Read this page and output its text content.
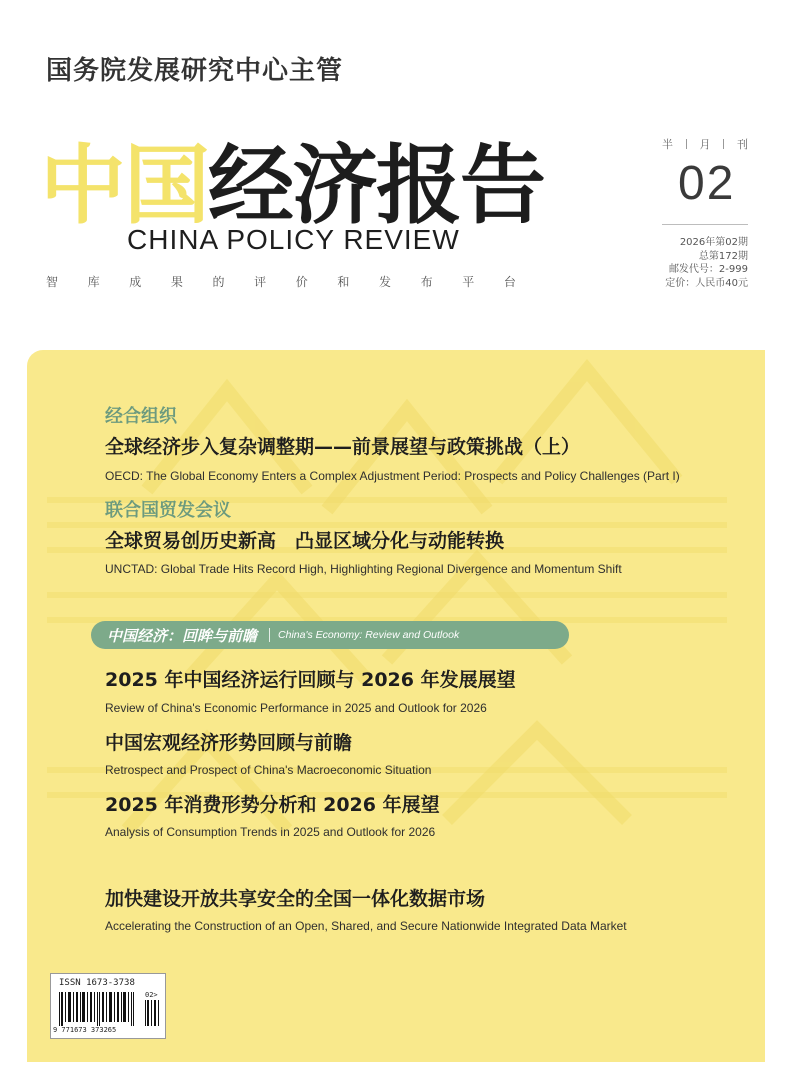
国务院发展研究中心主管
中国经济报告
CHINA POLICY REVIEW
智 库 成 果 的 评 价 和 发 布 平 台
半 月 刊
02
2026年第02期
总第172期
邮发代号：2-999
定价：人民币40元
经合组织
全球经济步入复杂调整期——前景展望与政策挑战（上）
OECD: The Global Economy Enters a Complex Adjustment Period: Prospects and Policy Challenges (Part I)
联合国贸发会议
全球贸易创历史新高　凸显区域分化与动能转换
UNCTAD: Global Trade Hits Record High, Highlighting Regional Divergence and Momentum Shift
中国经济：回眸与前瞻 China's Economy: Review and Outlook
2025 年中国经济运行回顾与 2026 年发展展望
Review of China's Economic Performance in 2025 and Outlook for 2026
中国宏观经济形势回顾与前瞻
Retrospect and Prospect of China's Macroeconomic Situation
2025 年消费形势分析和 2026 年展望
Analysis of Consumption Trends in 2025 and Outlook for 2026
加快建设开放共享安全的全国一体化数据市场
Accelerating the Construction of an Open, Shared, and Secure Nationwide Integrated Data Market
ISSN 1673-3738
02>
9 771673 373265
